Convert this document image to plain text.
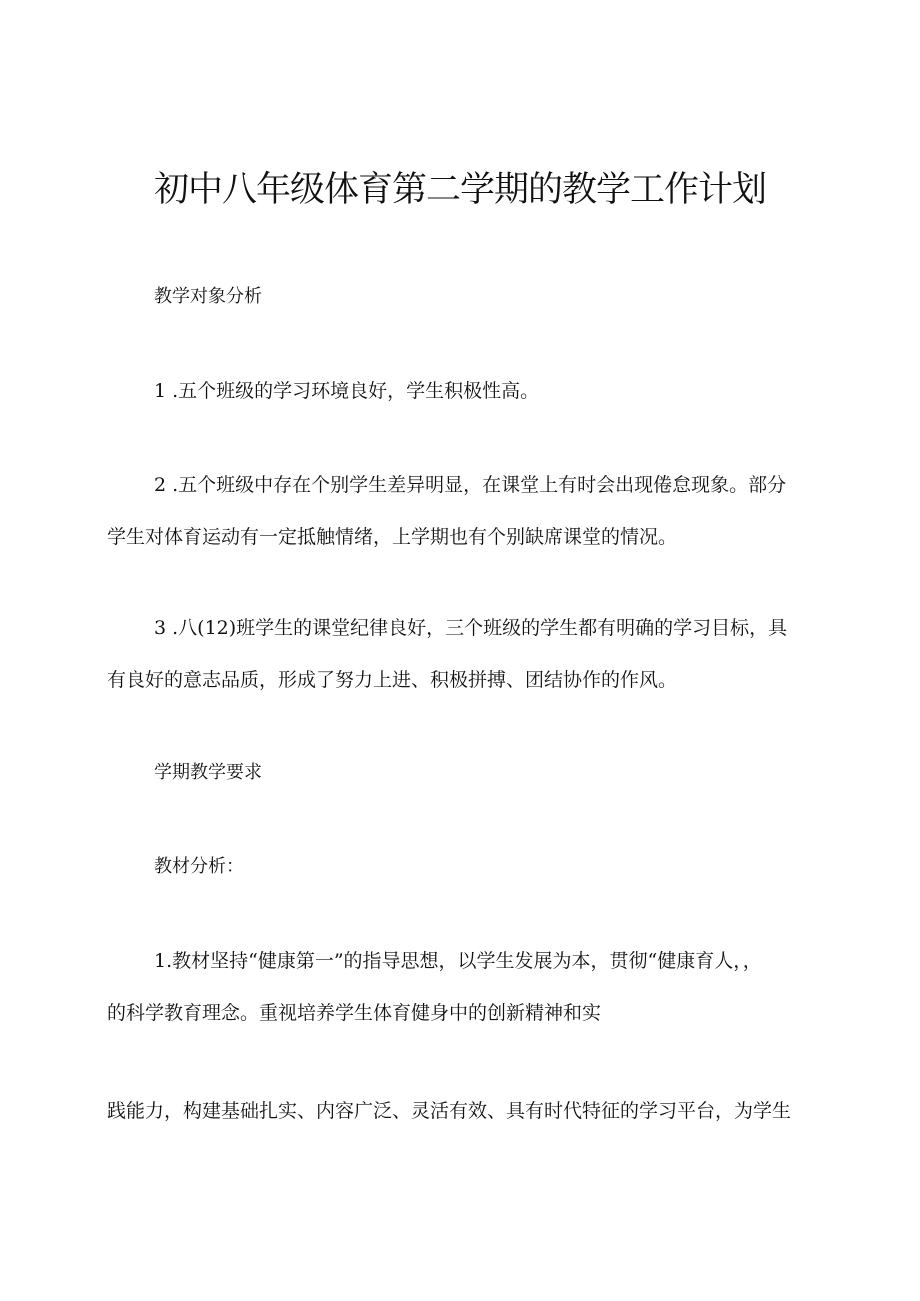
初中八年级体育第二学期的教学工作计划

教学对象分析

1 .五个班级的学习环境良好，学生积极性高。

2 .五个班级中存在个别学生差异明显，在课堂上有时会出现倦怠现象。部分
学生对体育运动有一定抵触情绪，上学期也有个别缺席课堂的情况。

3 .八(12)班学生的课堂纪律良好，三个班级的学生都有明确的学习目标，具
有良好的意志品质，形成了努力上进、积极拼搏、团结协作的作风。

学期教学要求

教材分析：

1.教材坚持“健康第一”的指导思想，以学生发展为本，贯彻“健康育人，，
的科学教育理念。重视培养学生体育健身中的创新精神和实

践能力，构建基础扎实、内容广泛、灵活有效、具有时代特征的学习平台，为学生
